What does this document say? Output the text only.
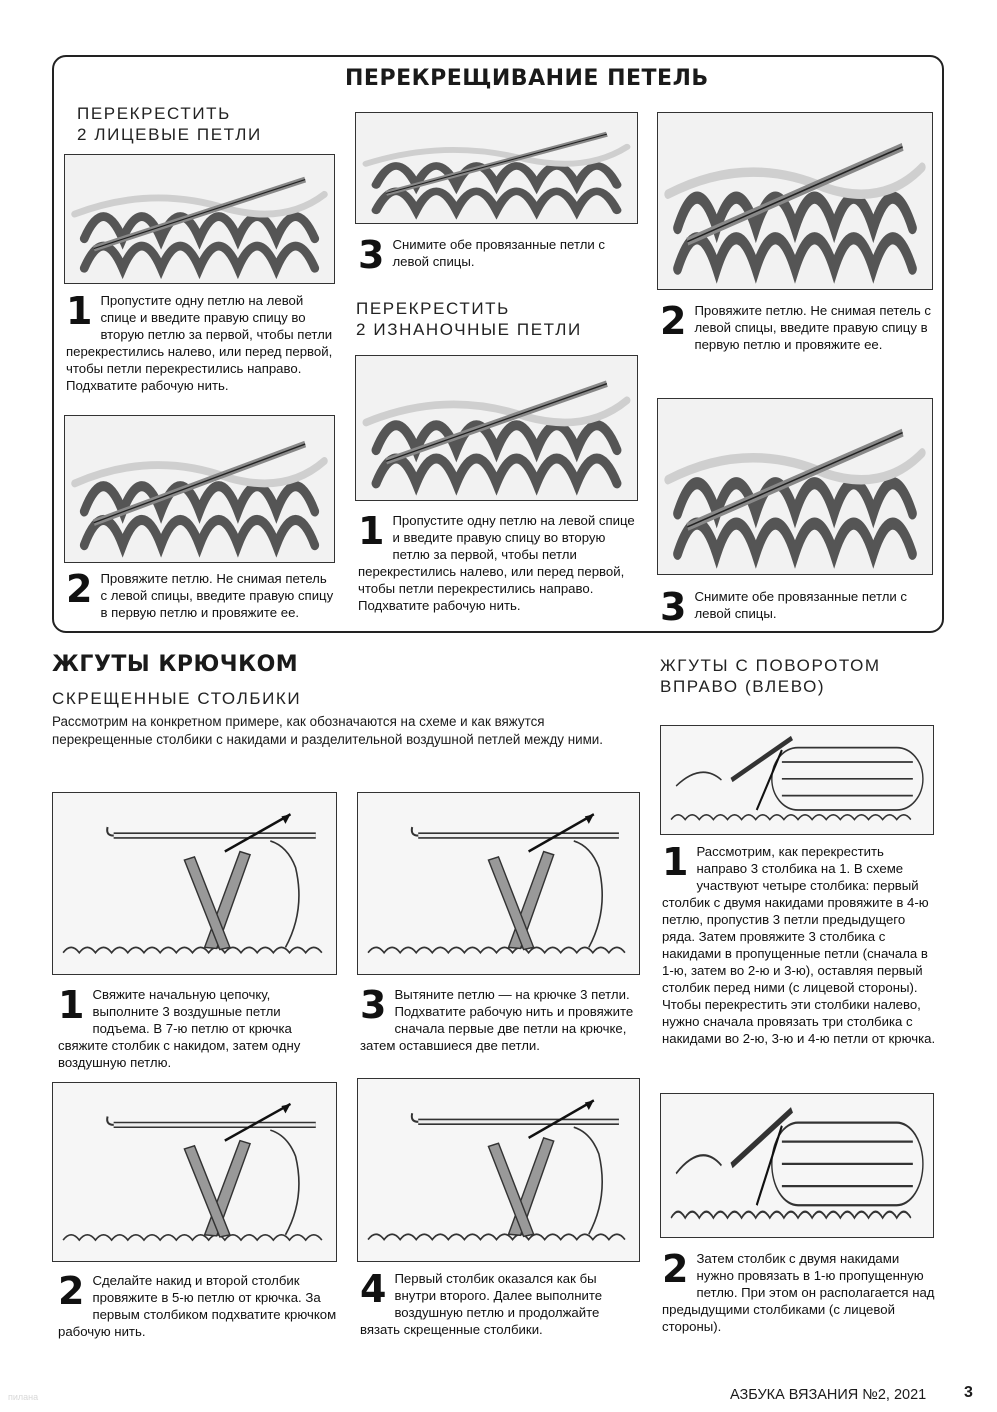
ПЕРЕКРЕЩИВАНИЕ ПЕТЕЛЬ
ПЕРЕКРЕСТИТЬ
2 ЛИЦЕВЫЕ ПЕТЛИ
1 Пропустите одну петлю на левой спице и введите правую спицу во вторую петлю за первой, чтобы петли перекрестились налево, или перед первой, чтобы петли перекрестились направо. Подхватите рабочую нить.
2 Провяжите петлю. Не снимая петель с левой спицы, введите правую спицу в первую петлю и провяжите ее.
3 Снимите обе провязанные петли с левой спицы.
ПЕРЕКРЕСТИТЬ
2 ИЗНАНОЧНЫЕ ПЕТЛИ
1 Пропустите одну петлю на левой спице и введите правую спицу во вторую петлю за первой, чтобы петли перекрестились налево, или перед первой, чтобы петли перекрестились направо. Подхватите рабочую нить.
2 Провяжите петлю. Не снимая петель с левой спицы, введите правую спицу в первую петлю и провяжите ее.
3 Снимите обе провязанные петли с левой спицы.
ЖГУТЫ КРЮЧКОМ
СКРЕЩЕННЫЕ СТОЛБИКИ
Рассмотрим на конкретном примере, как обозначаются на схеме и как вяжутся перекрещенные столбики с накидами и разделительной воздушной петлей между ними.
1 Свяжите начальную цепочку, выполните 3 воздушные петли подъема. В 7-ю петлю от крючка свяжите столбик с накидом, затем одну воздушную петлю.
2 Сделайте накид и второй столбик провяжите в 5-ю петлю от крючка. За первым столбиком подхватите крючком рабочую нить.
3 Вытяните петлю — на крючке 3 петли. Подхватите рабочую нить и провяжите сначала первые две петли на крючке, затем оставшиеся две петли.
4 Первый столбик оказался как бы внутри второго. Далее выполните воздушную петлю и продолжайте вязать скрещенные столбики.
ЖГУТЫ С ПОВОРОТОМ
ВПРАВО (ВЛЕВО)
1 Рассмотрим, как перекрестить направо 3 столбика на 1. В схеме участвуют четыре столбика: первый столбик с двумя накидами провяжите в 4-ю петлю, пропустив 3 петли предыдущего ряда. Затем провяжите 3 столбика с накидами в пропущенные петли (сначала в 1-ю, затем во 2-ю и 3-ю), оставляя первый столбик перед ними (с лицевой стороны). Чтобы перекрестить эти столбики налево, нужно сначала провязать три столбика с накидами во 2-ю, 3-ю и 4-ю петли от крючка.
2 Затем столбик с двумя накидами нужно провязать в 1-ю пропущенную петлю. При этом он располагается над предыдущими столбиками (с лицевой стороны).
пилана	АЗБУКА ВЯЗАНИЯ №2, 2021 3
